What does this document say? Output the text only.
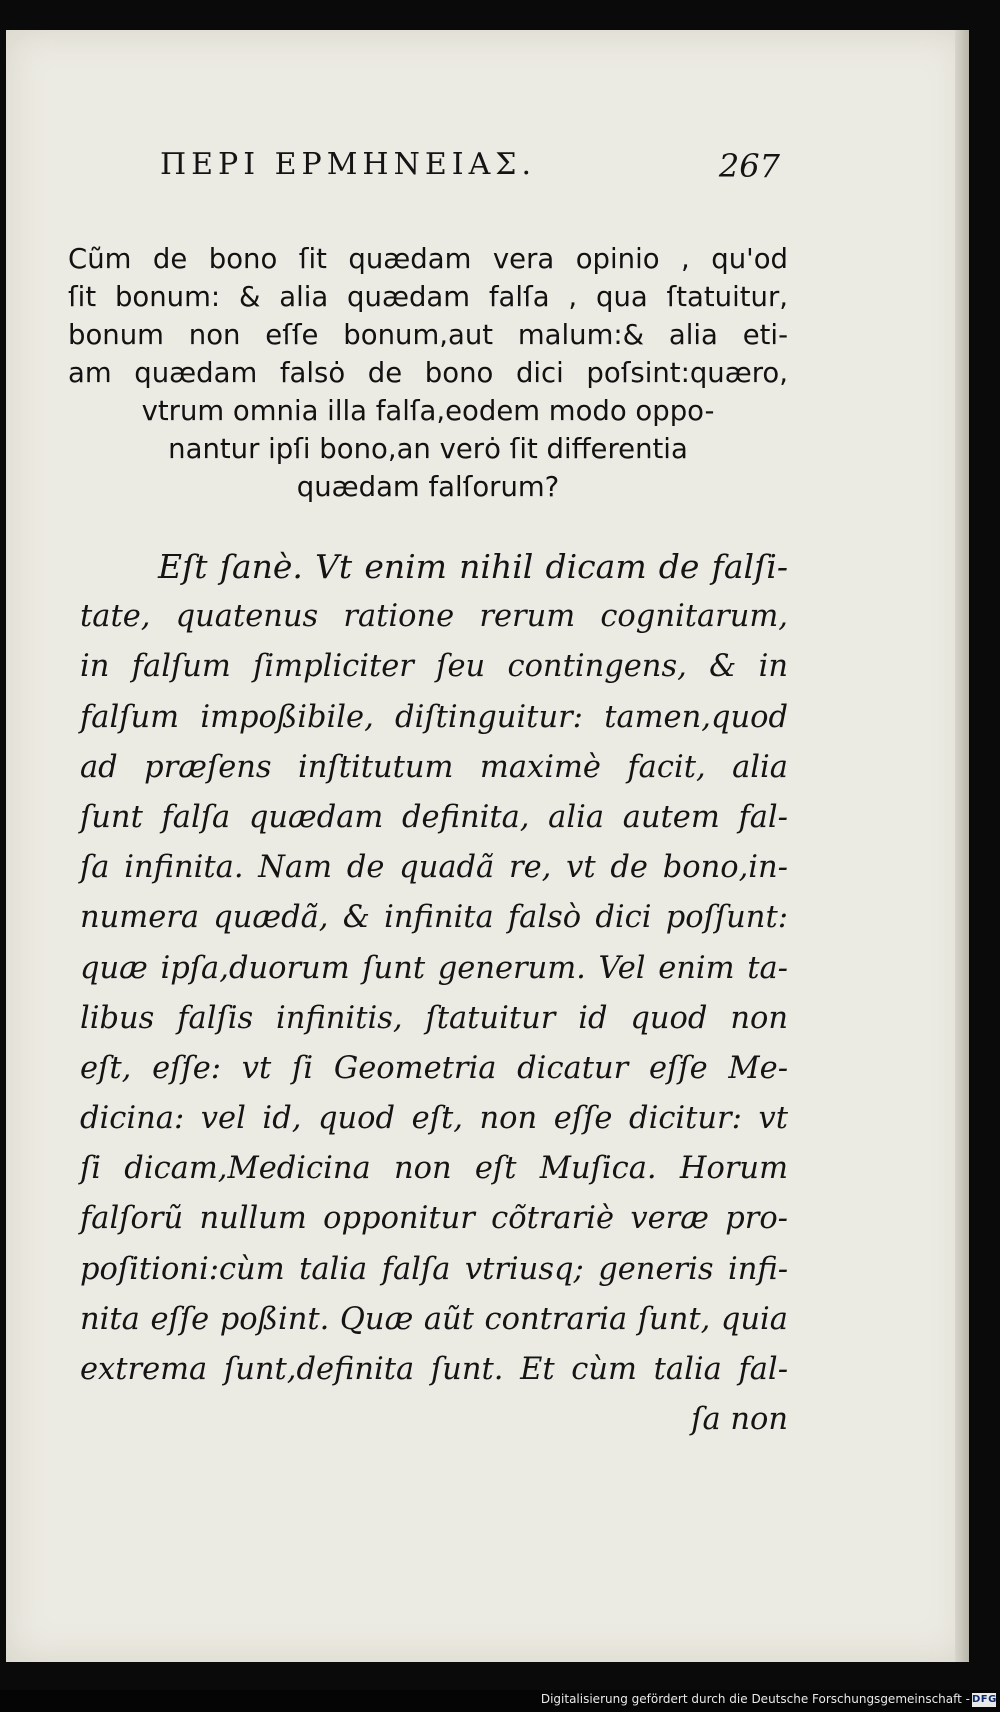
ΠΕΡΙ ΕΡΜΗΝΕΙΑΣ.	267
Cũm de bono ſit quædam vera opinio , qu'od
ſit bonum: & alia quædam falſa , qua ſtatuitur,
bonum non eſſe bonum,aut malum:& alia eti-
am quædam falsȯ de bono dici poſsint:quæro,
vtrum omnia illa falſa,eodem modo oppo-
nantur ipſi bono,an verȯ ſit differentia
quædam falſorum?
Eſt ſanè. Vt enim nihil dicam de falſi-
tate, quatenus ratione rerum cognitarum,
in falſum ſimpliciter ſeu contingens, & in
falſum impoßibile, diſtinguitur: tamen,quod
ad præſens inſtitutum maximè facit, alia
ſunt falſa quædam definita, alia autem fal-
ſa infinita. Nam de quadã re, vt de bono,in-
numera quædã, & infinita falsò dici poſſunt:
quæ ipſa,duorum ſunt generum. Vel enim ta-
libus falſis infinitis, ſtatuitur id quod non
eſt, eſſe: vt ſi Geometria dicatur eſſe Me-
dicina: vel id, quod eſt, non eſſe dicitur: vt
ſi dicam,Medicina non eſt Muſica. Horum
falſorũ nullum opponitur cõtrariè veræ pro-
poſitioni:cùm talia falſa vtriusq; generis infi-
nita eſſe poßint. Quæ aũt contraria ſunt, quia
extrema ſunt,definita ſunt. Et cùm talia fal-
ſa non
Digitalisierung gefördert durch die Deutsche Forschungsgemeinschaft - DFG
